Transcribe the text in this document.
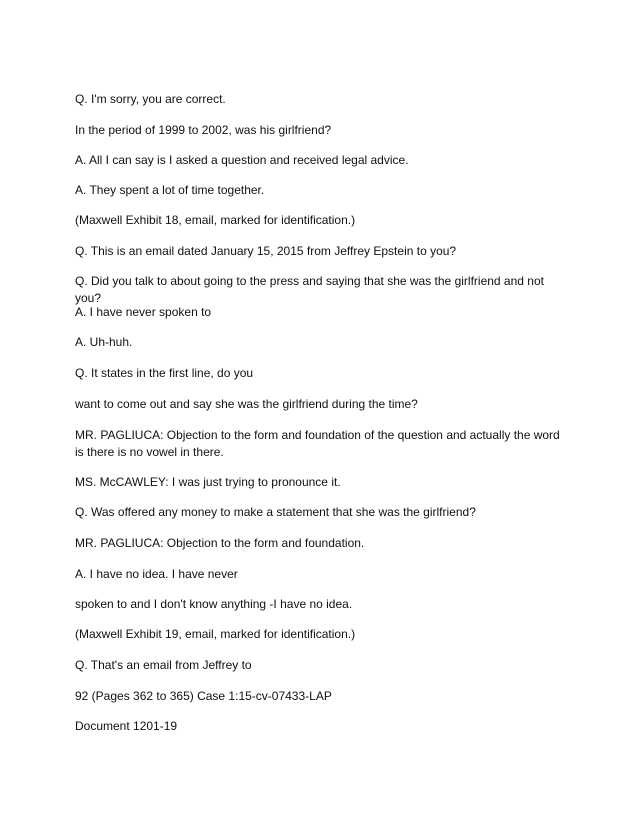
Q. I'm sorry, you are correct.

In the period of 1999 to 2002, was his girlfriend?

A. All I can say is I asked a question and received legal advice.

A. They spent a lot of time together.

(Maxwell Exhibit 18, email, marked for identification.)

Q. This is an email dated January 15, 2015 from Jeffrey Epstein to you?

Q. Did you talk to about going to the press and saying that she was the girlfriend and not you?

A. I have never spoken to

A. Uh-huh.

Q. It states in the first line, do you

want to come out and say she was the girlfriend during the time?

MR. PAGLIUCA: Objection to the form and foundation of the question and actually the word is there is no vowel in there.

MS. McCAWLEY: I was just trying to pronounce it.

Q. Was offered any money to make a statement that she was the girlfriend?

MR. PAGLIUCA: Objection to the form and foundation.

A. I have no idea. I have never

spoken to and I don't know anything -I have no idea.

(Maxwell Exhibit 19, email, marked for identification.)

Q. That's an email from Jeffrey to

92 (Pages 362 to 365) Case 1:15-cv-07433-LAP

Document 1201-19
